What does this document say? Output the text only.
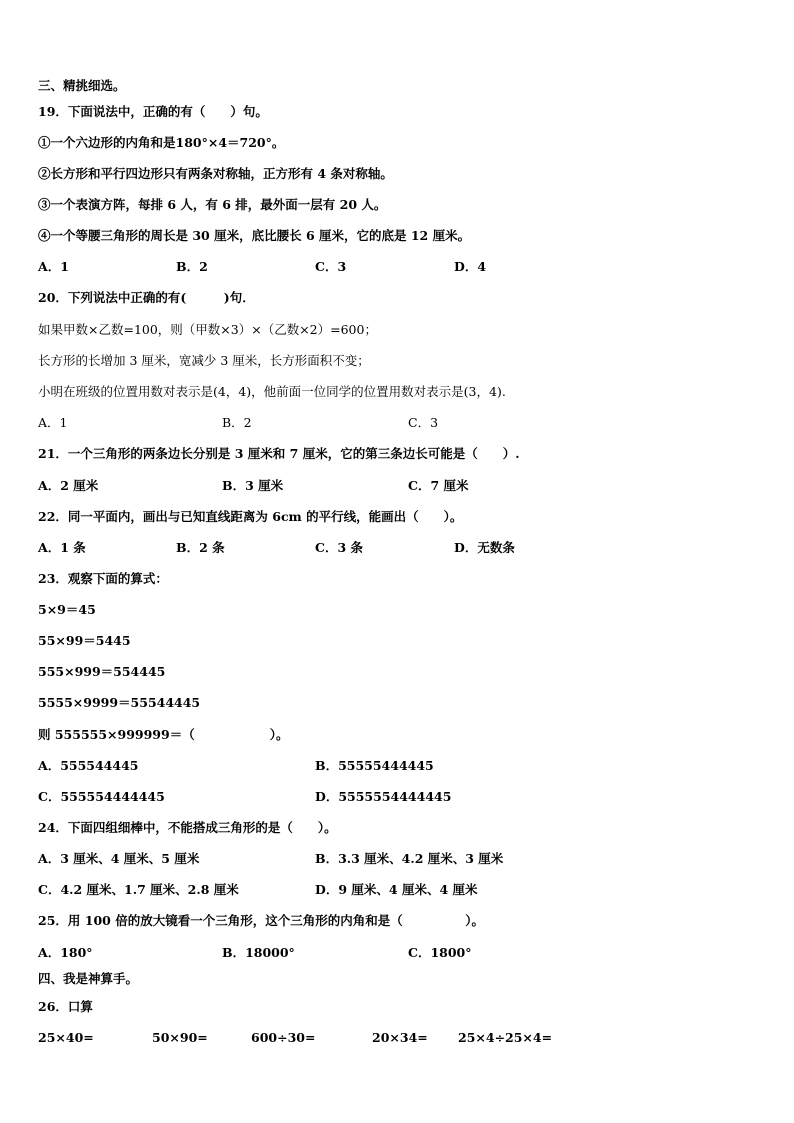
三、精挑细选。
19．下面说法中，正确的有（　　）句。
①一个六边形的内角和是180°×4＝720°。
②长方形和平行四边形只有两条对称轴，正方形有 4 条对称轴。
③一个表演方阵，每排 6 人，有 6 排，最外面一层有 20 人。
④一个等腰三角形的周长是 30 厘米，底比腰长 6 厘米，它的底是 12 厘米。
A．1	B．2	C．3	D．4
20．下列说法中正确的有(　　　)句．
如果甲数×乙数=100，则（甲数×3）×（乙数×2）=600；
长方形的长增加 3 厘米，宽减少 3 厘米，长方形面积不变；
小明在班级的位置用数对表示是(4，4)，他前面一位同学的位置用数对表示是(3，4).
A．1	B．2	C．3
21．一个三角形的两条边长分别是 3 厘米和 7 厘米，它的第三条边长可能是（　　）.
A．2 厘米	B．3 厘米	C．7 厘米
22．同一平面内，画出与已知直线距离为 6cm 的平行线，能画出（　　）。
A．1 条	B．2 条	C．3 条	D．无数条
23．观察下面的算式：
5×9＝45
55×99＝5445
555×999＝554445
5555×9999＝55544445
则 555555×999999＝（　　　　　　）。
A．555544445	B．55555444445
C．555554444445	D．5555554444445
24．下面四组细棒中，不能搭成三角形的是（　　）。
A．3 厘米、4 厘米、5 厘米	B．3.3 厘米、4.2 厘米、3 厘米
C．4.2 厘米、1.7 厘米、2.8 厘米	D．9 厘米、4 厘米、4 厘米
25．用 100 倍的放大镜看一个三角形，这个三角形的内角和是（　　　　　）。
A．180°	B．18000°	C．1800°
四、我是神算手。
26．口算
25×40=	50×90=	600÷30=	20×34= 25×4÷25×4=
